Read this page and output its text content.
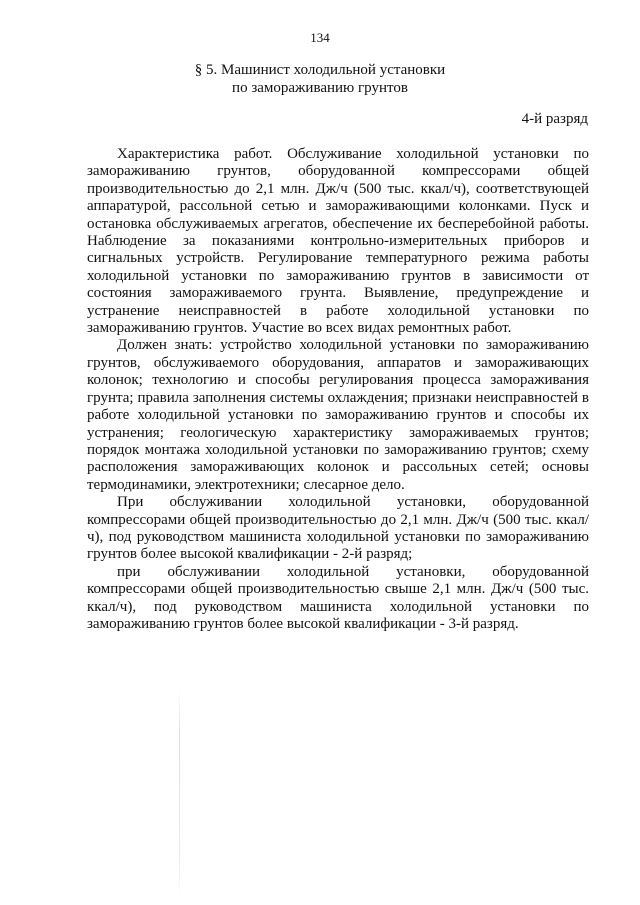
134
§ 5. Машинист холодильной установки
по замораживанию грунтов
4-й разряд

Характеристика работ. Обслуживание холодильной установки по замораживанию грунтов, оборудованной компрессорами общей производительностью до 2,1 млн. Дж/ч (500 тыс. ккал/ч), соответствующей аппаратурой, рассольной сетью и замораживающими колонками. Пуск и остановка обслуживаемых агрегатов, обеспечение их бесперебойной работы. Наблюдение за показаниями контрольно-измерительных приборов и сигнальных устройств. Регулирование температурного режима работы холодильной установки по замораживанию грунтов в зависимости от состояния замораживаемого грунта. Выявление, предупреждение и устранение неисправностей в работе холодильной установки по замораживанию грунтов. Участие во всех видах ремонтных работ.

Должен знать: устройство холодильной установки по замораживанию грунтов, обслуживаемого оборудования, аппаратов и замораживающих колонок; технологию и способы регулирования процесса замораживания грунта; правила заполнения системы охлаждения; признаки неисправностей в работе холодильной установки по замораживанию грунтов и способы их устранения; геологическую характеристику замораживаемых грунтов; порядок монтажа холодильной установки по замораживанию грунтов; схему расположения замораживающих колонок и рассольных сетей; основы термодинамики, электротехники; слесарное дело.

При обслуживании холодильной установки, оборудованной компрессорами общей производительностью до 2,1 млн. Дж/ч (500 тыс. ккал/ч), под руководством машиниста холодильной установки по замораживанию грунтов более высокой квалификации - 2-й разряд;

при обслуживании холодильной установки, оборудованной компрессорами общей производительностью свыше 2,1 млн. Дж/ч (500 тыс. ккал/ч), под руководством машиниста холодильной установки по замораживанию грунтов более высокой квалификации - 3-й разряд.
